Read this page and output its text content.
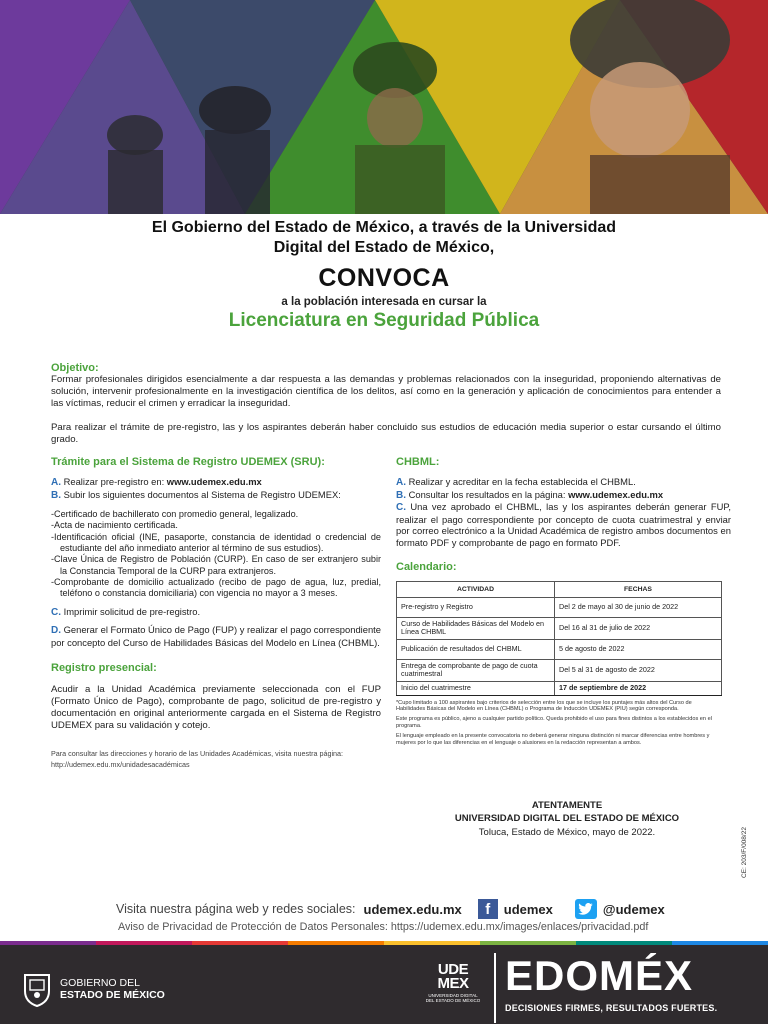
El Gobierno del Estado de México, a través de la Universidad
Digital del Estado de México,
CONVOCA
a la población interesada en cursar la
Licenciatura en Seguridad Pública
Objetivo:
Formar profesionales dirigidos esencialmente a dar respuesta a las demandas y problemas relacionados con la inseguridad, proponiendo alternativas de solución, intervenir profesionalmente en la investigación científica de los delitos, así como en la generación y aplicación de conocimientos para entender a las víctimas, reducir el crimen y erradicar la inseguridad.
Para realizar el trámite de pre-registro, las y los aspirantes deberán haber concluido sus estudios de educación media superior o estar cursando el último grado.
Trámite para el Sistema de Registro UDEMEX (SRU):
A. Realizar pre-registro en: www.udemex.edu.mx
B. Subir los siguientes documentos al Sistema de Registro UDEMEX:
-Certificado de bachillerato con promedio general, legalizado.
-Acta de nacimiento certificada.
-Identificación oficial (INE, pasaporte, constancia de identidad o credencial de estudiante del año inmediato anterior al término de sus estudios).
-Clave Única de Registro de Población (CURP). En caso de ser extranjero subir la Constancia Temporal de la CURP para extranjeros.
-Comprobante de domicilio actualizado (recibo de pago de agua, luz, predial, teléfono o constancia domiciliaria) con vigencia no mayor a 3 meses.
C. Imprimir solicitud de pre-registro.
D. Generar el Formato Único de Pago (FUP) y realizar el pago correspondiente por concepto del Curso de Habilidades Básicas del Modelo en Línea (CHBML).
Registro presencial:
Acudir a la Unidad Académica previamente seleccionada con el FUP (Formato Único de Pago), comprobante de pago, solicitud de pre-registro y documentación en original anteriormente cargada en el Sistema de Registro UDEMEX para su validación y cotejo.
Para consultar las direcciones y horario de las Unidades Académicas, visita nuestra página:
http://udemex.edu.mx/unidadesacadémicas
CHBML:
A. Realizar y acreditar en la fecha establecida el CHBML.
B. Consultar los resultados en la página: www.udemex.edu.mx
C. Una vez aprobado el CHBML, las y los aspirantes deberán generar FUP, realizar el pago correspondiente por concepto de cuota cuatrimestral y enviar por correo electrónico a la Unidad Académica de registro ambos documentos en formato PDF y comprobante de pago en formato PDF.
Calendario:
ACTIVIDAD	FECHAS
Pre-registro y Registro	Del 2 de mayo al 30 de junio de 2022
Curso de Habilidades Básicas del Modelo en Línea CHBML	Del 16 al 31 de julio de 2022
Publicación de resultados del CHBML	5 de agosto de 2022
Entrega de comprobante de pago de cuota cuatrimestral	Del 5 al 31 de agosto de 2022
Inicio del cuatrimestre	17 de septiembre de 2022

*Cupo limitado a 100 aspirantes bajo criterios de selección entre los que se incluye los puntajes más altos del Curso de Habilidades Básicas del Modelo en Línea (CHBML) o Programa de Inducción UDEMEX (PIU) según corresponda.

Este programa es público, ajeno a cualquier partido político. Queda prohibido el uso para fines distintos a los establecidos en el programa.

El lenguaje empleado en la presente convocatoria no deberá generar ninguna distinción ni marcar diferencias entre hombres y mujeres por lo que las diferencias en el lenguaje o alusiones en la redacción representan a ambos.

ATENTAMENTE
UNIVERSIDAD DIGITAL DEL ESTADO DE MÉXICO
Toluca, Estado de México, mayo de 2022.	CE: 203/F/008/22
Visita nuestra página web y redes sociales: udemex.edu.mx	f	udemex	@udemex
Aviso de Privacidad de Protección de Datos Personales: https://udemex.edu.mx/images/enlaces/privacidad.pdf
GOBIERNO DEL
ESTADO DE MÉXICO
UDE
MEX
UNIVERSIDAD DIGITAL DEL ESTADO DE MÉXICO
EDOMÉX
DECISIONES FIRMES, RESULTADOS FUERTES.
